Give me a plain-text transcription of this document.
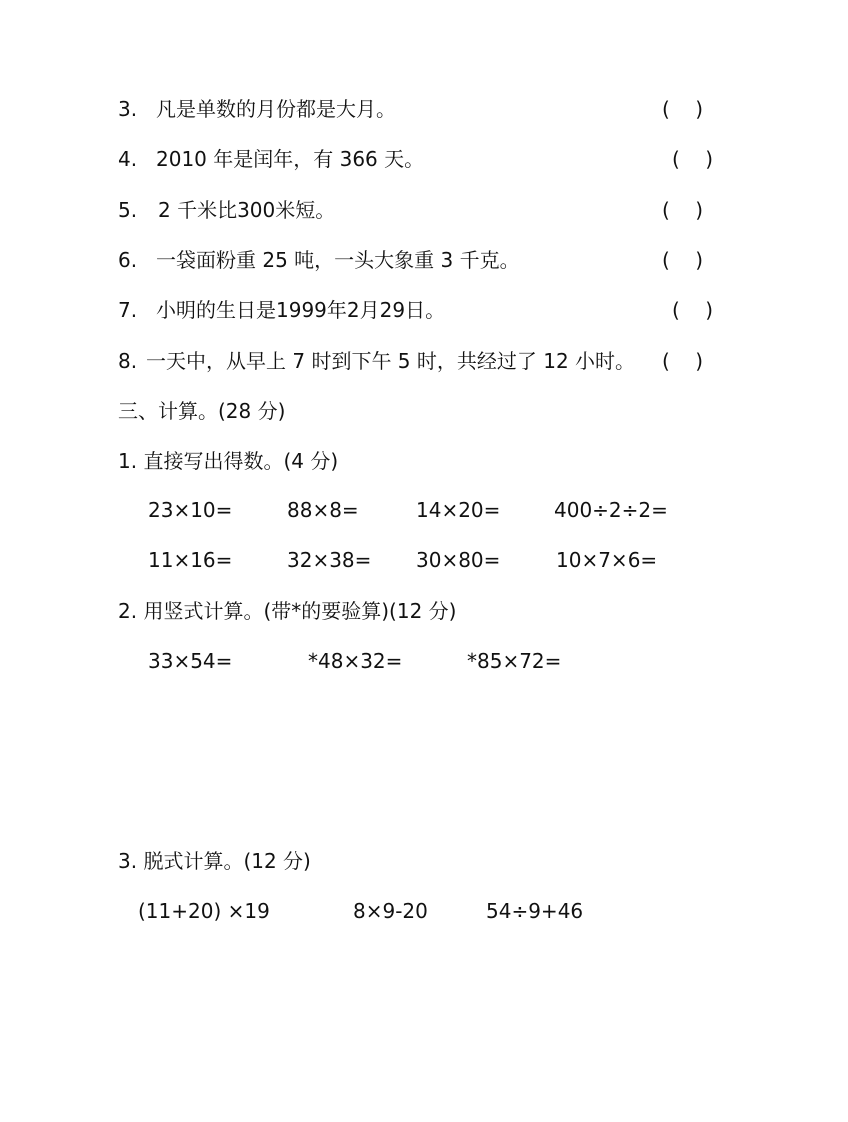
3. 凡是单数的月份都是大月。	(    )
4. 2010 年是闰年，有 366 天。	(    )
5. 2 千米比300米短。	(    )
6. 一袋面粉重 25 吨，一头大象重 3 千克。	(    )
7. 小明的生日是1999年2月29日。	(    )
8. 一天中，从早上 7 时到下午 5 时，共经过了 12 小时。 (    )
三、计算。(28 分)
1. 直接写出得数。(4 分)
23×10=	88×8=	14×20=	400÷2÷2=
11×16=	32×38= 30×80=	10×7×6=
2. 用竖式计算。(带*的要验算)(12 分)
33×54=	*48×32=	*85×72=
3. 脱式计算。(12 分)
(11+20) ×19	8×9-20	54÷9+46
